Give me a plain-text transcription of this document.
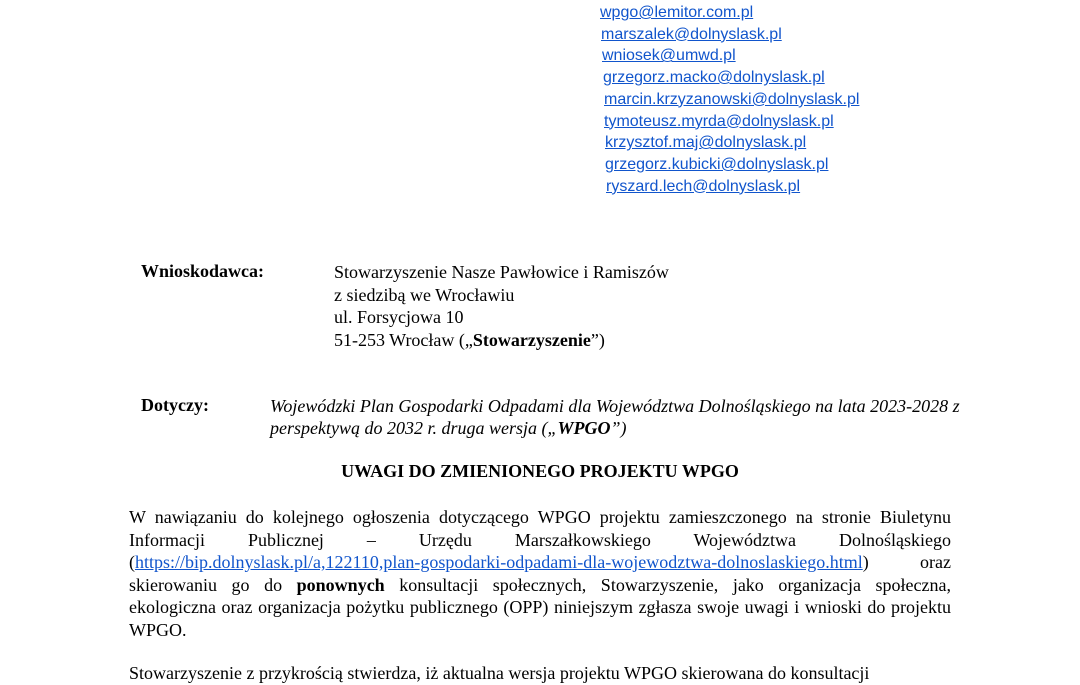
wpgo@lemitor.com.pl
marszalek@dolnyslask.pl
wniosek@umwd.pl
grzegorz.macko@dolnyslask.pl
marcin.krzyzanowski@dolnyslask.pl
tymoteusz.myrda@dolnyslask.pl
krzysztof.maj@dolnyslask.pl
grzegorz.kubicki@dolnyslask.pl
ryszard.lech@dolnyslask.pl
Wnioskodawca:	Stowarzyszenie Nasze Pawłowice i Ramiszów
z siedzibą we Wrocławiu
ul. Forsycjowa 10
51-253 Wrocław („Stowarzyszenie”)
Dotyczy:	Wojewódzki Plan Gospodarki Odpadami dla Województwa Dolnośląskiego na lata 2023-2028 z perspektywą do 2032 r. druga wersja („WPGO”)
UWAGI DO ZMIENIONEGO PROJEKTU WPGO
W nawiązaniu do kolejnego ogłoszenia dotyczącego WPGO projektu zamieszczonego na stronie Biuletynu Informacji Publicznej – Urzędu Marszałkowskiego Województwa Dolnośląskiego (https://bip.dolnyslask.pl/a,122110,plan-gospodarki-odpadami-dla-wojewodztwa-dolnoslaskiego.html) oraz skierowaniu go do ponownych konsultacji społecznych, Stowarzyszenie, jako organizacja społeczna, ekologiczna oraz organizacja pożytku publicznego (OPP) niniejszym zgłasza swoje uwagi i wnioski do projektu WPGO.
Stowarzyszenie z przykrością stwierdza, iż aktualna wersja projektu WPGO skierowana do konsultacji
